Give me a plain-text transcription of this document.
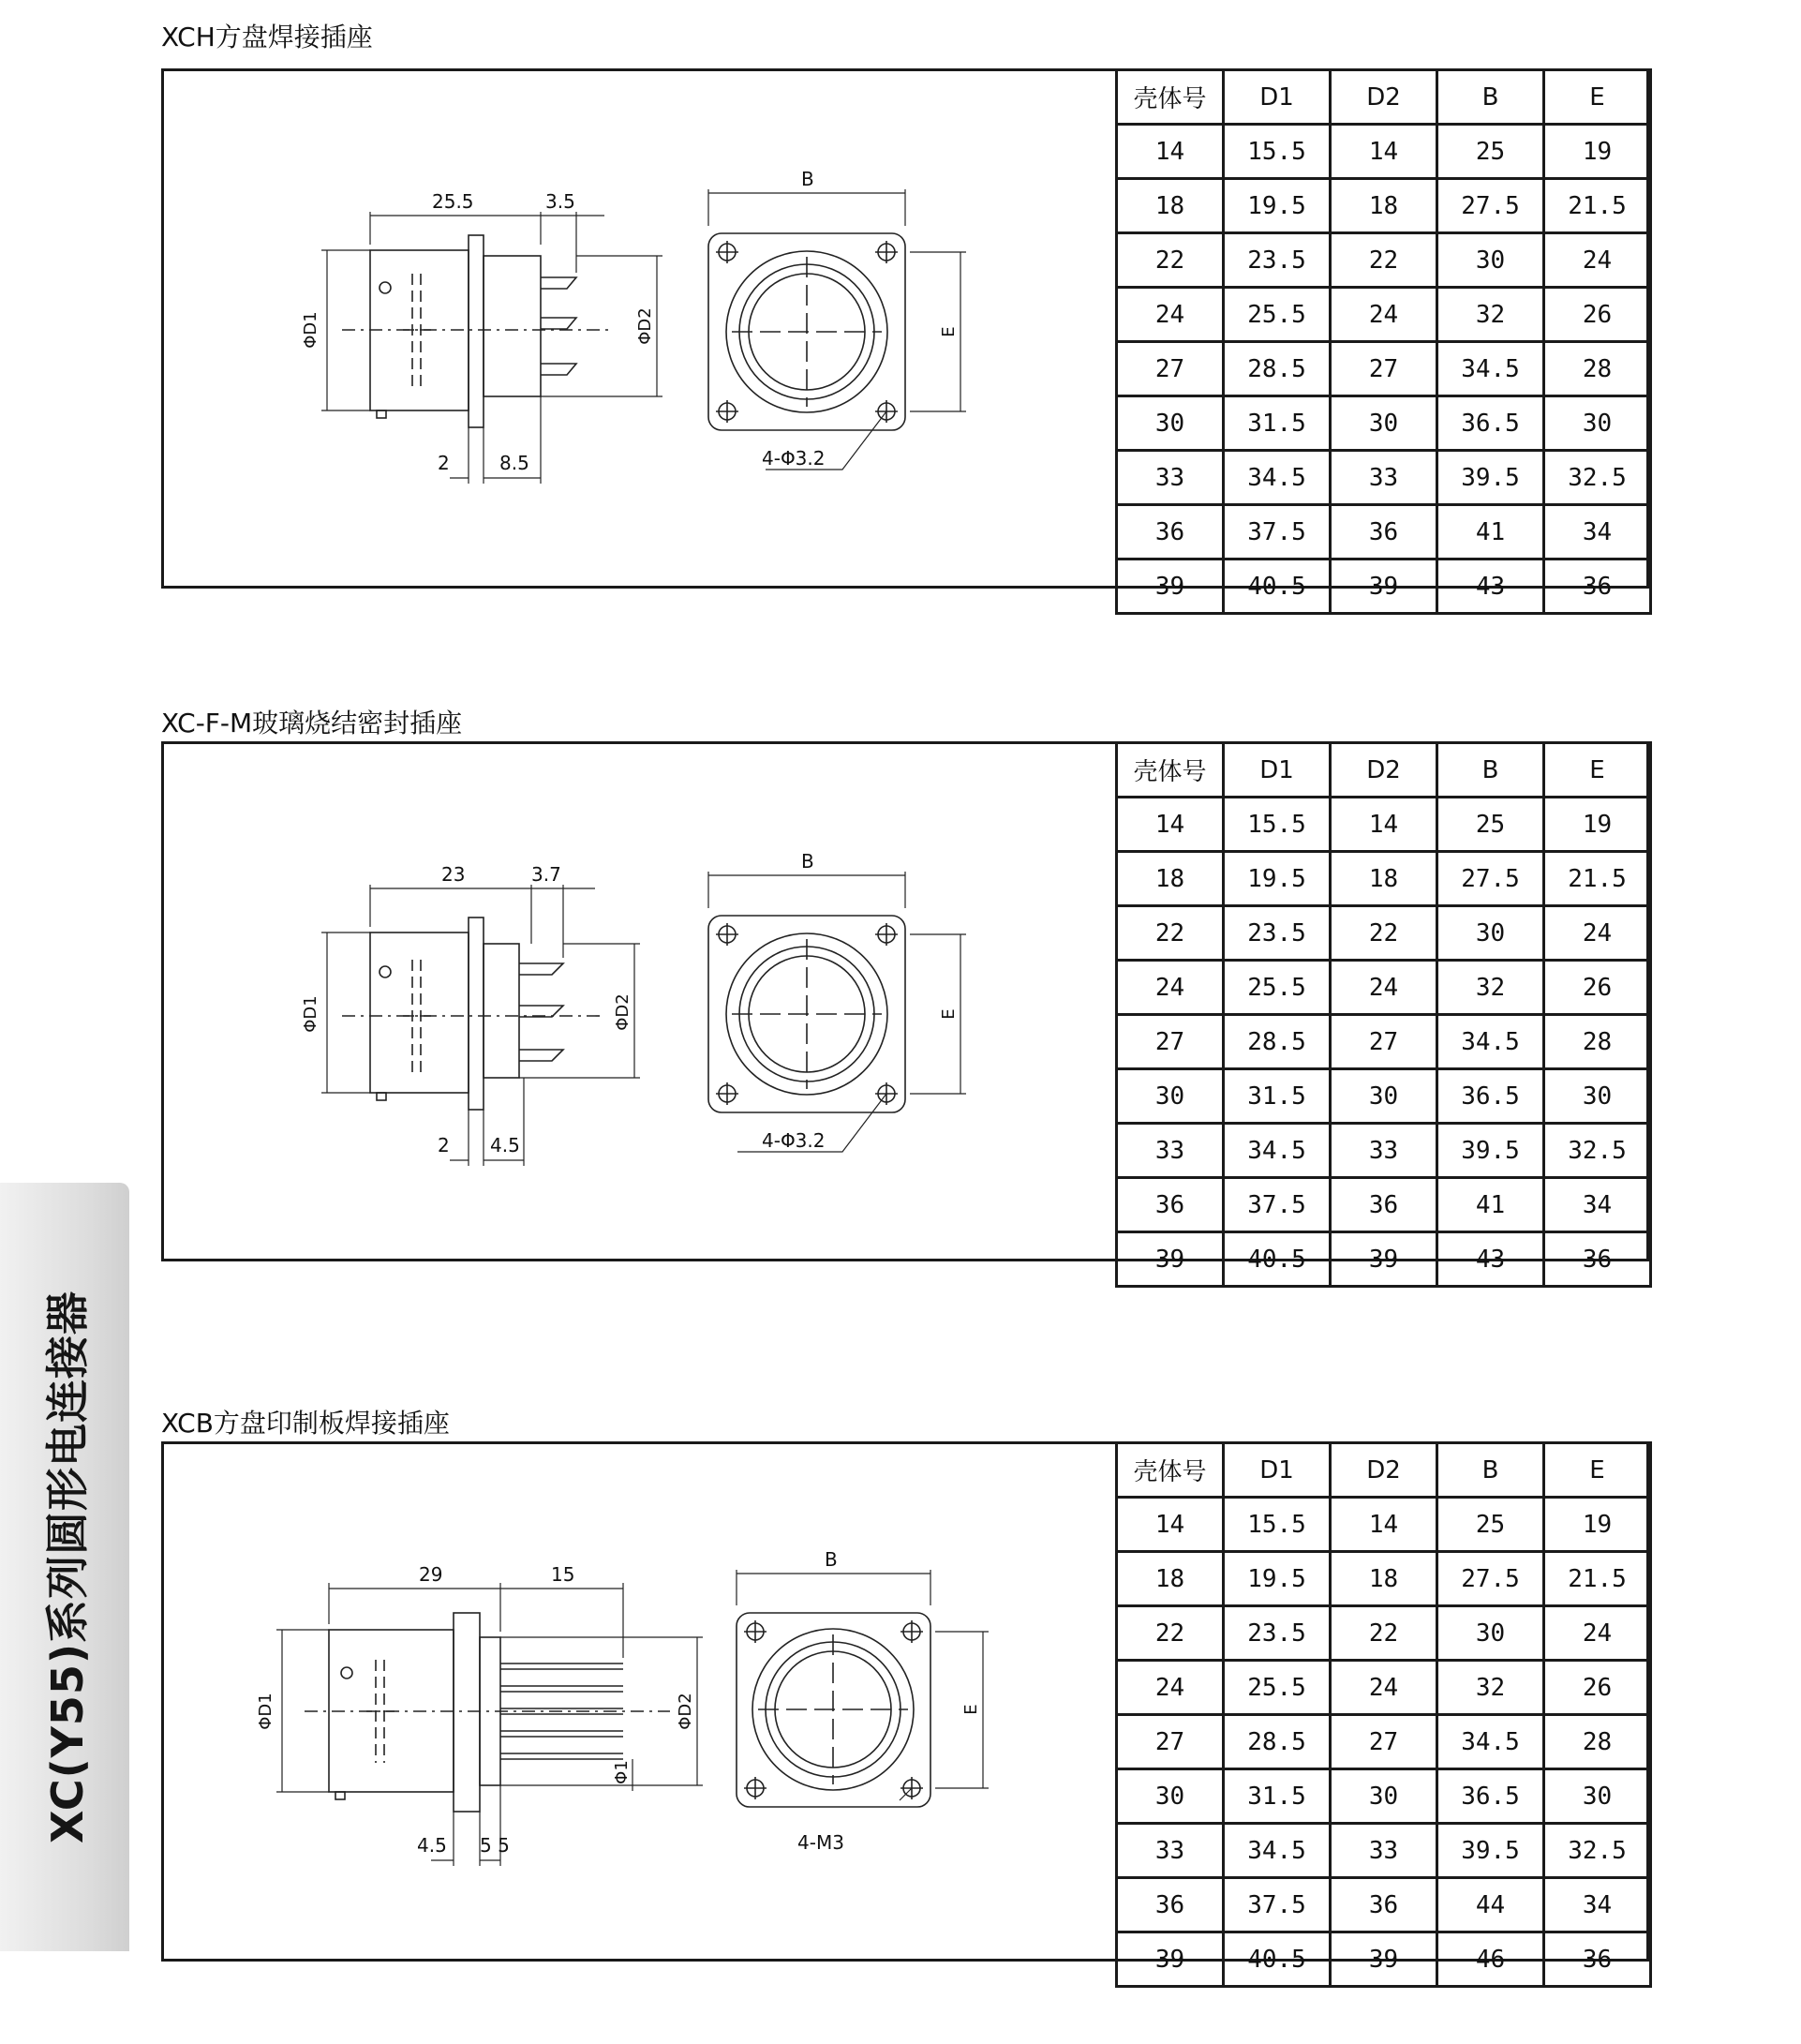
XC(Y55)系列圆形电连接器
XCH方盘焊接插座
25.5	3.5
2	8.5
ΦD1	ΦD2
B
E
4-Φ3.2
壳体号	D1	D2	B	E
14	15.5	14	25	19
18	19.5	18	27.5	21.5
22	23.5	22	30	24
24	25.5	24	32	26
27	28.5	27	34.5	28
30	31.5	30	36.5	30
33	34.5	33	39.5	32.5
36	37.5	36	41	34
39	40.5	39	43	36
XC-F-M玻璃烧结密封插座
23	3.7
2 4.5
ΦD1	ΦD2
B
E
4-Φ3.2
壳体号	D1	D2	B	E
14	15.5	14	25	19
18	19.5	18	27.5	21.5
22	23.5	22	30	24
24	25.5	24	32	26
27	28.5	27	34.5	28
30	31.5	30	36.5	30
33	34.5	33	39.5	32.5
36	37.5	36	41	34
39	40.5	39	43	36
XCB方盘印制板焊接插座
29	15
4.5 5 5
ΦD1	ΦD2
Φ1
B
E
4-M3
壳体号	D1	D2	B	E
14	15.5	14	25	19
18	19.5	18	27.5	21.5
22	23.5	22	30	24
24	25.5	24	32	26
27	28.5	27	34.5	28
30	31.5	30	36.5	30
33	34.5	33	39.5	32.5
36	37.5	36	44	34
39	40.5	39	46	36
